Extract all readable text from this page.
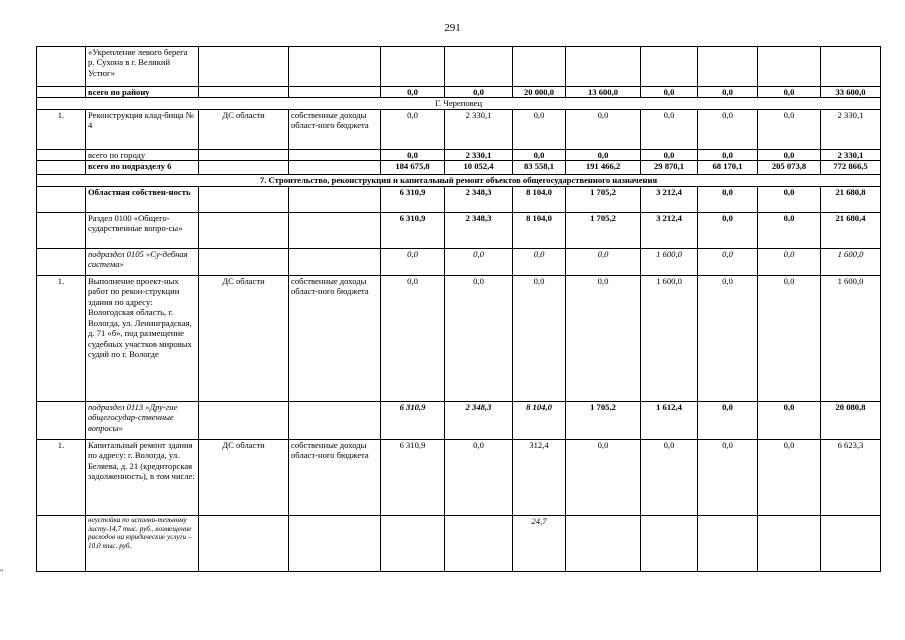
291
"
	«Укрепление левого берега р. Сухона в г. Великий Устюг»										
	всего по району			0,0	0,0	20 000,0	13 600,0	0,0	0,0	0,0	33 600,0
Г. Череповец											
1.	Реконструкция клад-бища № 4	ДС области	собственные доходы област-ного бюджета	0,0	2 330,1	0,0	0,0	0,0	0,0	0,0	2 330,1
	всего по городу			0,0	2 330,1	0,0	0,0	0,0	0,0	0,0	2 330,1
	всего по подразделу 6			184 675,8	10 052,4	83 558,1	191 466,2	29 870,1	68 170,1	205 073,8	772 866,5
7. Строительство, реконструкция и капитальный ремонт объектов общегосударственного назначения											
	Областная собствен-ность			6 310,9	2 348,3	8 104,0	1 705,2	3 212,4	0,0	0,0	21 680,8
	Раздел 0100 «Общего-сударственные вопро-сы»			6 310,9	2 348,3	8 104,0	1 705,2	3 212,4	0,0	0,0	21 680,4
	подраздел 0105 «Су-дебная система»			0,0	0,0	0,0	0,0	1 600,0	0,0	0,0	1 600,0
1.	Выполнение проект-ных работ по рекон-струкции здания по адресу: Вологодская область, г. Вологда, ул. Ленинградская, д. 71 «б», под размещение судебных участков мировых судий по г. Вологде	ДС области	собственные доходы област-ного бюджета	0,0	0,0	0,0	0,0	1 600,0	0,0	0,0	1 600,0
	подраздел 0113 «Дру-гие общегосудар-ственные вопросы»			6 310,9	2 348,3	8 104,0	1 705,2	1 612,4	0,0	0,0	20 080,8
1.	Капитальный ремонт здания по адресу: г. Вологда, ул. Беляева, д. 21 (кредиторская задолженность), в том числе:	ДС области	собственные доходы област-ного бюджета	6 310,9	0,0	312,4	0,0	0,0	0,0	0,0	6 623,3
	неустойка по исполни-тельному листу-14,7 тыс. руб., возмещение расходов на юридические услуги – 10,0 тыс. руб.					24,7					
